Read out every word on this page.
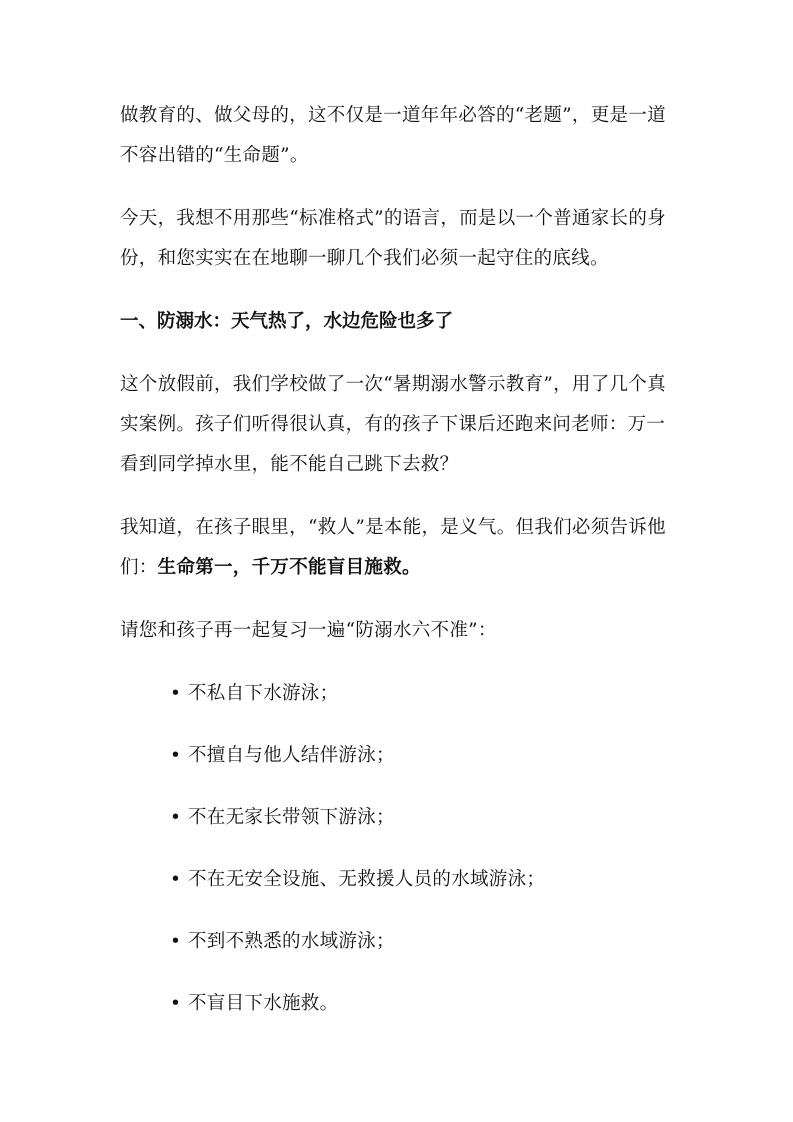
做教育的、做父母的，这不仅是一道年年必答的“老题”，更是一道不容出错的“生命题”。

今天，我想不用那些“标准格式”的语言，而是以一个普通家长的身份，和您实实在在地聊一聊几个我们必须一起守住的底线。

一、防溺水：天气热了，水边危险也多了

这个放假前，我们学校做了一次“暑期溺水警示教育”，用了几个真实案例。孩子们听得很认真，有的孩子下课后还跑来问老师：万一看到同学掉水里，能不能自己跳下去救？

我知道，在孩子眼里，“救人”是本能，是义气。但我们必须告诉他们：生命第一，千万不能盲目施救。

请您和孩子再一起复习一遍“防溺水六不准”：

• 不私自下水游泳；
• 不擅自与他人结伴游泳；
• 不在无家长带领下游泳；
• 不在无安全设施、无救援人员的水域游泳；
• 不到不熟悉的水域游泳；
• 不盲目下水施救。
